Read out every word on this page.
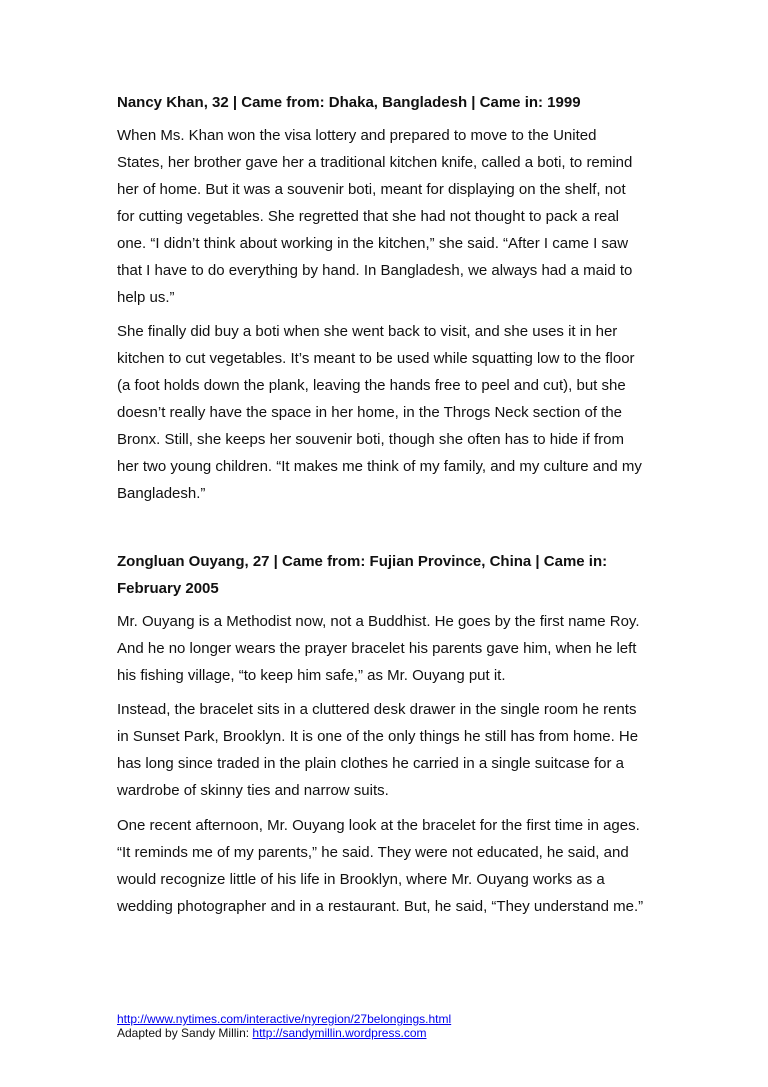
Nancy Khan, 32 | Came from: Dhaka, Bangladesh | Came in: 1999

When Ms. Khan won the visa lottery and prepared to move to the United States, her brother gave her a traditional kitchen knife, called a boti, to remind her of home. But it was a souvenir boti, meant for displaying on the shelf, not for cutting vegetables. She regretted that she had not thought to pack a real one. “I didn’t think about working in the kitchen,” she said. “After I came I saw that I have to do everything by hand. In Bangladesh, we always had a maid to help us.”

She finally did buy a boti when she went back to visit, and she uses it in her kitchen to cut vegetables. It’s meant to be used while squatting low to the floor (a foot holds down the plank, leaving the hands free to peel and cut), but she doesn’t really have the space in her home, in the Throgs Neck section of the Bronx. Still, she keeps her souvenir boti, though she often has to hide if from her two young children. “It makes me think of my family, and my culture and my Bangladesh.”

Zongluan Ouyang, 27 | Came from: Fujian Province, China | Came in: February 2005

Mr. Ouyang is a Methodist now, not a Buddhist. He goes by the first name Roy. And he no longer wears the prayer bracelet his parents gave him, when he left his fishing village, “to keep him safe,” as Mr. Ouyang put it.

Instead, the bracelet sits in a cluttered desk drawer in the single room he rents in Sunset Park, Brooklyn. It is one of the only things he still has from home. He has long since traded in the plain clothes he carried in a single suitcase for a wardrobe of skinny ties and narrow suits.

One recent afternoon, Mr. Ouyang look at the bracelet for the first time in ages. “It reminds me of my parents,” he said. They were not educated, he said, and would recognize little of his life in Brooklyn, where Mr. Ouyang works as a wedding photographer and in a restaurant. But, he said, “They understand me.”

http://www.nytimes.com/interactive/nyregion/27belongings.html
Adapted by Sandy Millin: http://sandymillin.wordpress.com
